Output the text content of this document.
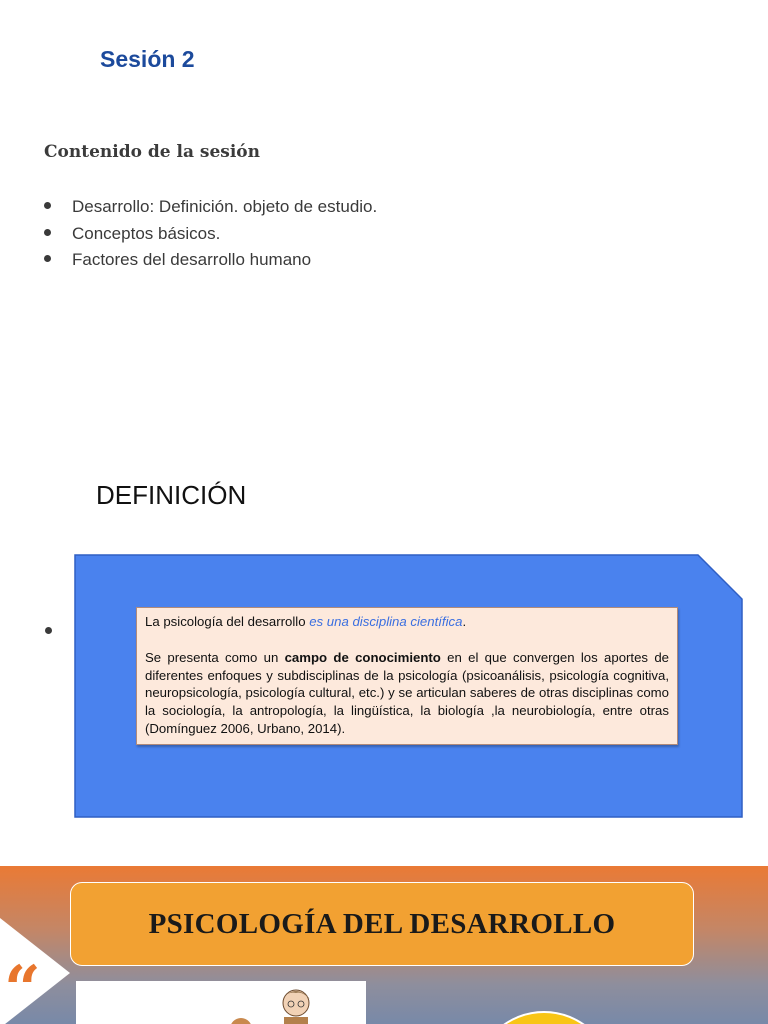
Sesión 2
Contenido de la sesión
Desarrollo: Definición. objeto de estudio.
Conceptos básicos.
Factores del desarrollo humano
DEFINICIÓN

La psicología del desarrollo es una disciplina científica.

Se presenta como un campo de conocimiento en el que convergen los aportes de diferentes enfoques y subdisciplinas de la psicología (psicoanálisis, psicología cognitiva, neuropsicología, psicología cultural, etc.) y se articulan saberes de otras disciplinas como la sociología, la antropología, la lingüística, la biología ,la neurobiología, entre otras (Domínguez 2006, Urbano, 2014).

PSICOLOGÍA DEL DESARROLLO
“
